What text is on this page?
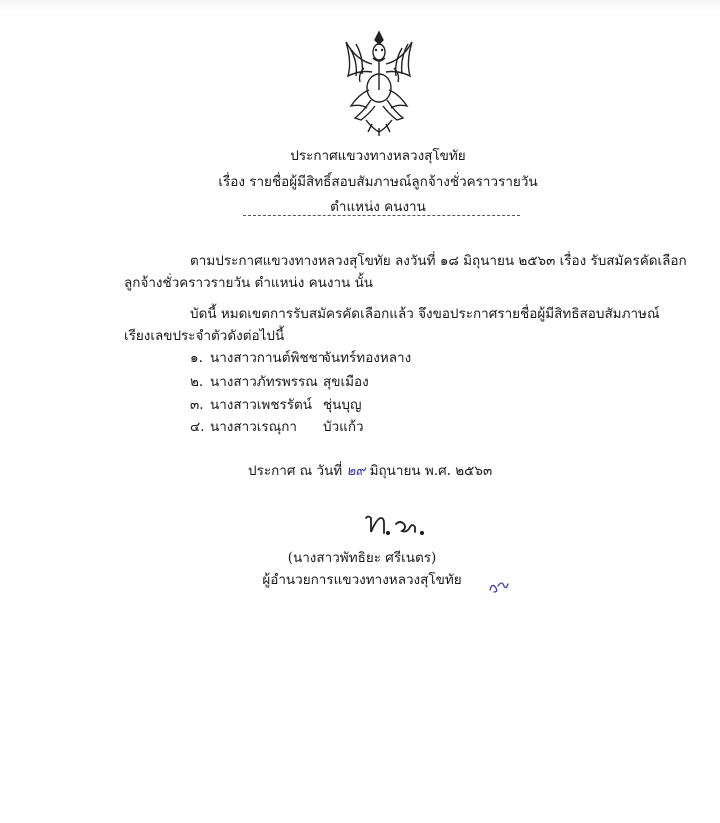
ประกาศแขวงทางหลวงสุโขทัย
เรื่อง รายชื่อผู้มีสิทธิ์สอบสัมภาษณ์ลูกจ้างชั่วคราวรายวัน
ตำแหน่ง คนงาน
ตามประกาศแขวงทางหลวงสุโขทัย ลงวันที่ ๑๘ มิถุนายน ๒๕๖๓ เรื่อง รับสมัครคัดเลือก
ลูกจ้างชั่วคราวรายวัน ตำแหน่ง คนงาน นั้น
บัดนี้ หมดเขตการรับสมัครคัดเลือกแล้ว จึงขอประกาศรายชื่อผู้มีสิทธิสอบสัมภาษณ์
เรียงเลขประจำตัวดังต่อไปนี้
๑. นางสาวกานต์พิชชาจันทร์ทองหลาง
๒. นางสาวภัทรพรรณ สุขเมือง
๓. นางสาวเพชรรัตน์ ชุ่นบุญ
๔. นางสาวเรณุกา บัวแก้ว
ประกาศ ณ วันที่ ๒๙ มิถุนายน พ.ศ. ๒๕๖๓
(นางสาวพัทธิยะ ศรีเนตร)
ผู้อำนวยการแขวงทางหลวงสุโขทัย
